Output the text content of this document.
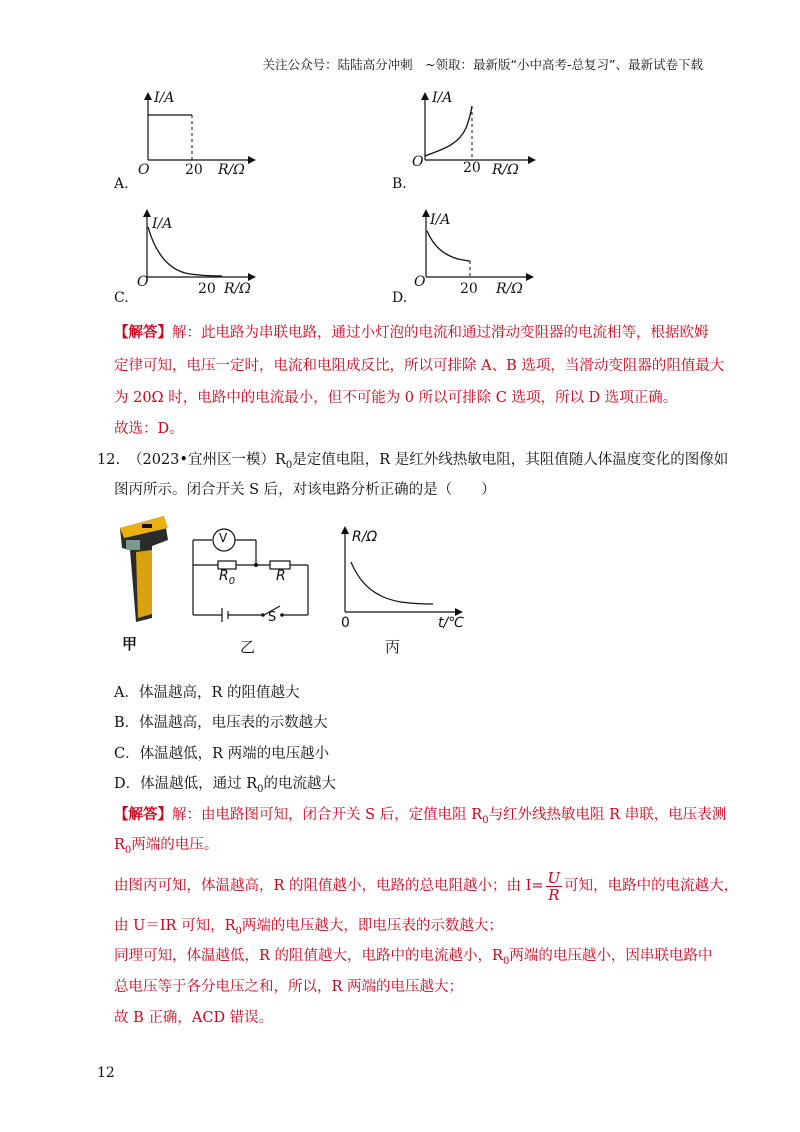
关注公众号：陆陆高分冲刺　~领取：最新版“小中高考-总复习”、最新试卷下载
I/A
O	20 R/Ω
A.
I/A
O	20 R/Ω
B.
I/A
O	20 R/Ω
C.
I/A
O 20 R/Ω
D.
【解答】解：此电路为串联电路，通过小灯泡的电流和通过滑动变阻器的电流相等，根据欧姆
定律可知，电压一定时，电流和电阻成反比，所以可排除 A、B 选项，当滑动变阻器的阻值最大
为 20Ω 时，电路中的电流最小，但不可能为 0 所以可排除 C 选项，所以 D 选项正确。
故选：D。
12. （2023•宜州区一模）$R_0$是定值电阻，R 是红外线热敏电阻，其阻值随人体温度变化的图像如
图丙所示。闭合开关 S 后，对该电路分析正确的是（　　）
甲
V
$R_0$	R
S
乙
R/Ω
0	t/℃
丙
A．体温越高，R 的阻值越大
B．体温越高，电压表的示数越大
C．体温越低，R 两端的电压越小
D．体温越低，通过 $R_0$的电流越大
【解答】解：由电路图可知，闭合开关 S 后，定值电阻 $R_0$与红外线热敏电阻 R 串联，电压表测
$R_0$两端的电压。
由图丙可知，体温越高，R 的阻值越小，电路的总电阻越小；由 $I= \frac{U}{R}$ 可知，电路中的电流越大，
由 U＝IR 可知，$R_0$两端的电压越大，即电压表的示数越大；
同理可知，体温越低，R 的阻值越大，电路中的电流越小，$R_0$两端的电压越小，因串联电路中
总电压等于各分电压之和，所以，R 两端的电压越大；
故 B 正确，ACD 错误。
12
